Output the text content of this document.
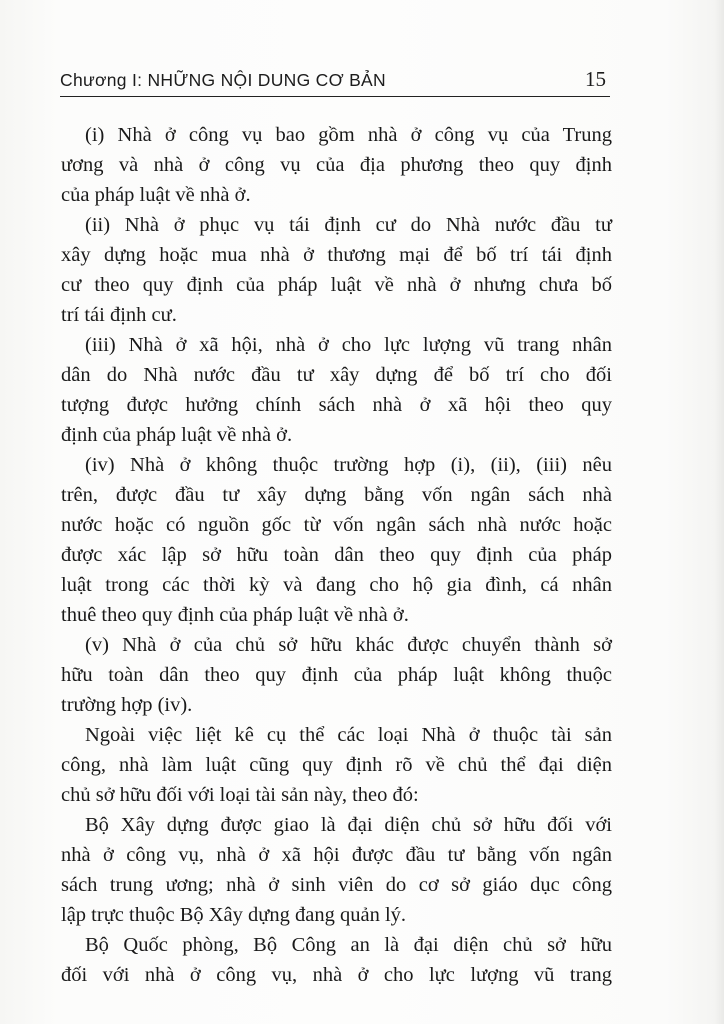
Chương I: NHỮNG NỘI DUNG CƠ BẢN	15
(i) Nhà ở công vụ bao gồm nhà ở công vụ của Trung
ương và nhà ở công vụ của địa phương theo quy định
của pháp luật về nhà ở.
(ii) Nhà ở phục vụ tái định cư do Nhà nước đầu tư
xây dựng hoặc mua nhà ở thương mại để bố trí tái định
cư theo quy định của pháp luật về nhà ở nhưng chưa bố
trí tái định cư.
(iii) Nhà ở xã hội, nhà ở cho lực lượng vũ trang nhân
dân do Nhà nước đầu tư xây dựng để bố trí cho đối
tượng được hưởng chính sách nhà ở xã hội theo quy
định của pháp luật về nhà ở.
(iv) Nhà ở không thuộc trường hợp (i), (ii), (iii) nêu
trên, được đầu tư xây dựng bằng vốn ngân sách nhà
nước hoặc có nguồn gốc từ vốn ngân sách nhà nước hoặc
được xác lập sở hữu toàn dân theo quy định của pháp
luật trong các thời kỳ và đang cho hộ gia đình, cá nhân
thuê theo quy định của pháp luật về nhà ở.
(v) Nhà ở của chủ sở hữu khác được chuyển thành sở
hữu toàn dân theo quy định của pháp luật không thuộc
trường hợp (iv).
Ngoài việc liệt kê cụ thể các loại Nhà ở thuộc tài sản
công, nhà làm luật cũng quy định rõ về chủ thể đại diện
chủ sở hữu đối với loại tài sản này, theo đó:
Bộ Xây dựng được giao là đại diện chủ sở hữu đối với
nhà ở công vụ, nhà ở xã hội được đầu tư bằng vốn ngân
sách trung ương; nhà ở sinh viên do cơ sở giáo dục công
lập trực thuộc Bộ Xây dựng đang quản lý.
Bộ Quốc phòng, Bộ Công an là đại diện chủ sở hữu
đối với nhà ở công vụ, nhà ở cho lực lượng vũ trang
